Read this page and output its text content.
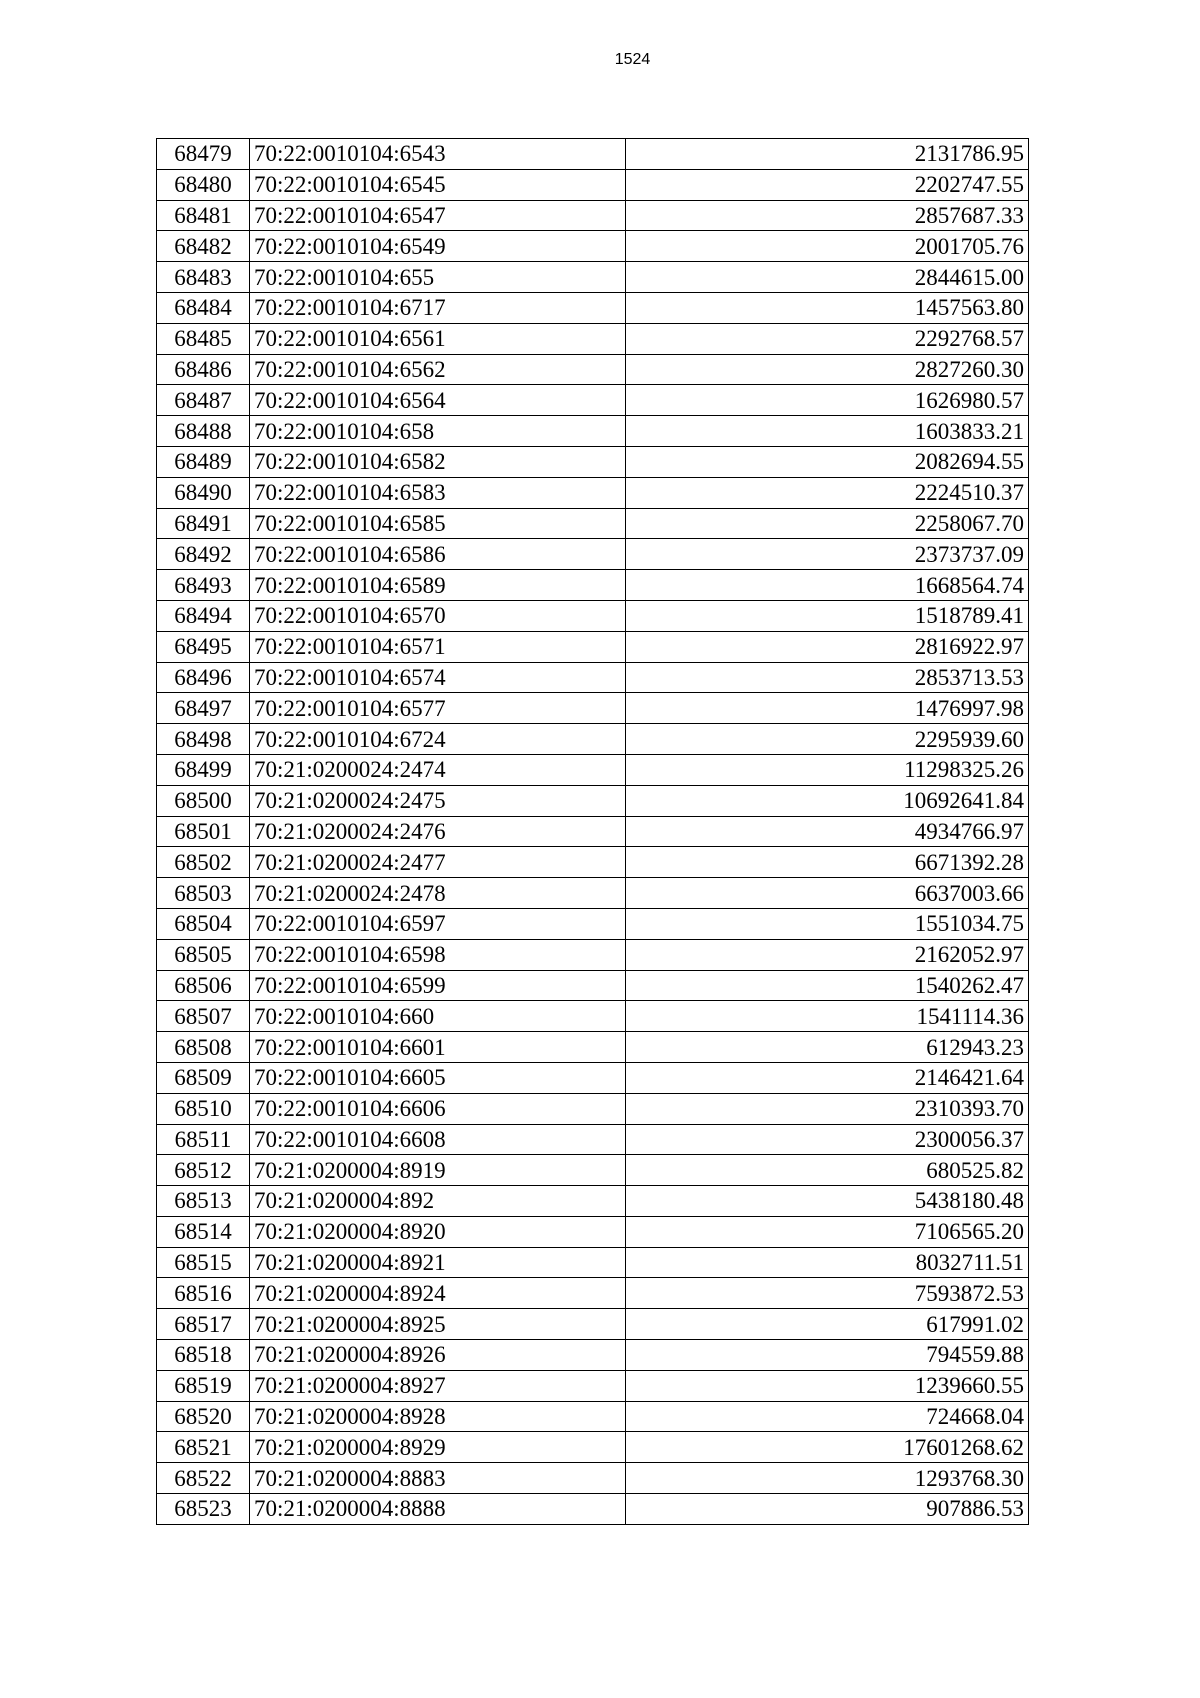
1524
68479	70:22:0010104:6543	2131786.95
68480	70:22:0010104:6545	2202747.55
68481	70:22:0010104:6547	2857687.33
68482	70:22:0010104:6549	2001705.76
68483	70:22:0010104:655	2844615.00
68484	70:22:0010104:6717	1457563.80
68485	70:22:0010104:6561	2292768.57
68486	70:22:0010104:6562	2827260.30
68487	70:22:0010104:6564	1626980.57
68488	70:22:0010104:658	1603833.21
68489	70:22:0010104:6582	2082694.55
68490	70:22:0010104:6583	2224510.37
68491	70:22:0010104:6585	2258067.70
68492	70:22:0010104:6586	2373737.09
68493	70:22:0010104:6589	1668564.74
68494	70:22:0010104:6570	1518789.41
68495	70:22:0010104:6571	2816922.97
68496	70:22:0010104:6574	2853713.53
68497	70:22:0010104:6577	1476997.98
68498	70:22:0010104:6724	2295939.60
68499	70:21:0200024:2474	11298325.26
68500	70:21:0200024:2475	10692641.84
68501	70:21:0200024:2476	4934766.97
68502	70:21:0200024:2477	6671392.28
68503	70:21:0200024:2478	6637003.66
68504	70:22:0010104:6597	1551034.75
68505	70:22:0010104:6598	2162052.97
68506	70:22:0010104:6599	1540262.47
68507	70:22:0010104:660	1541114.36
68508	70:22:0010104:6601	612943.23
68509	70:22:0010104:6605	2146421.64
68510	70:22:0010104:6606	2310393.70
68511	70:22:0010104:6608	2300056.37
68512	70:21:0200004:8919	680525.82
68513	70:21:0200004:892	5438180.48
68514	70:21:0200004:8920	7106565.20
68515	70:21:0200004:8921	8032711.51
68516	70:21:0200004:8924	7593872.53
68517	70:21:0200004:8925	617991.02
68518	70:21:0200004:8926	794559.88
68519	70:21:0200004:8927	1239660.55
68520	70:21:0200004:8928	724668.04
68521	70:21:0200004:8929	17601268.62
68522	70:21:0200004:8883	1293768.30
68523	70:21:0200004:8888	907886.53
